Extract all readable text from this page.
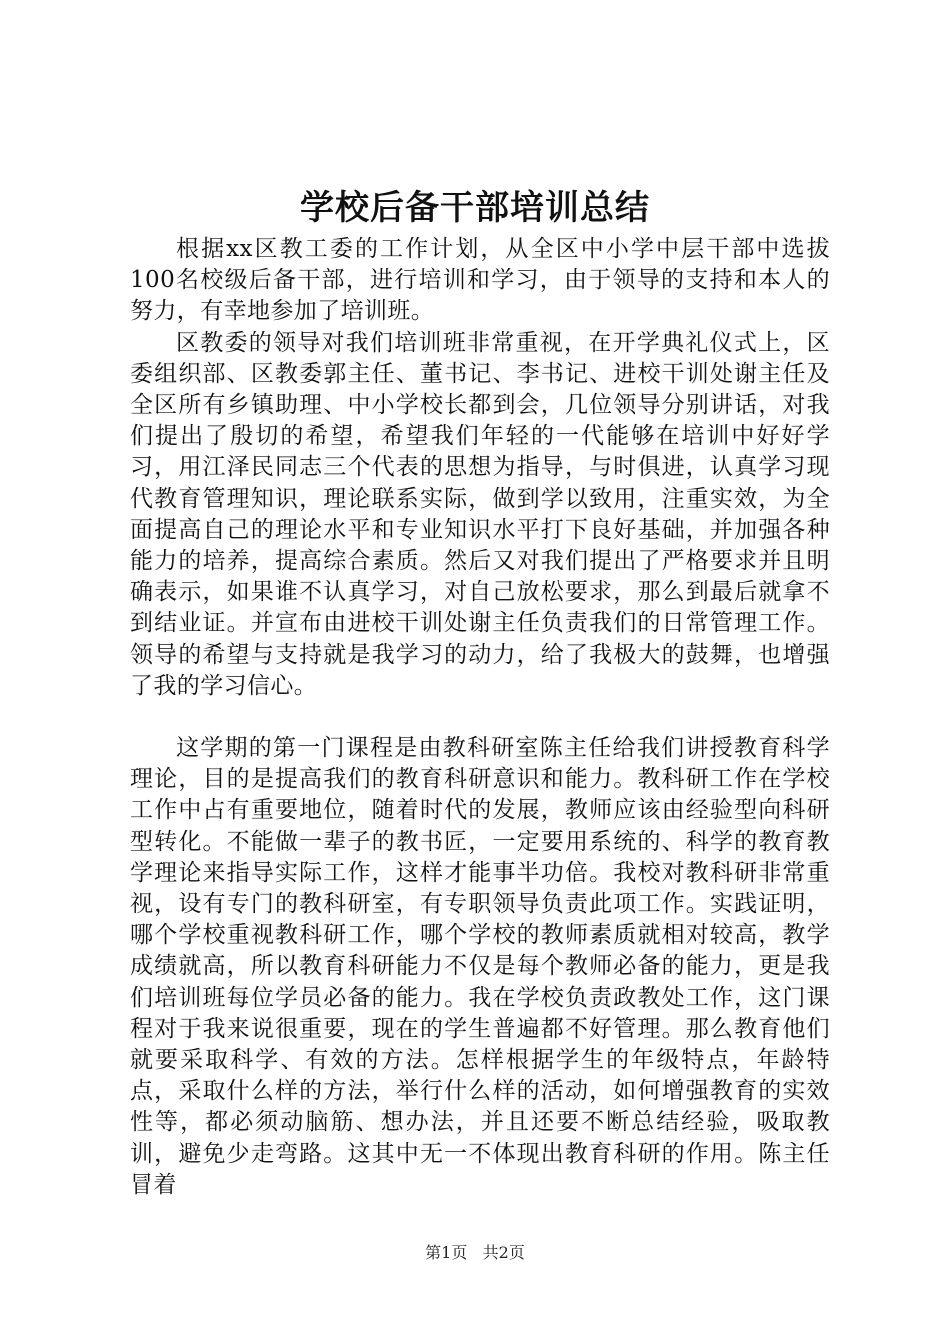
学校后备干部培训总结

根据xx区教工委的工作计划，从全区中小学中层干部中选拔100名校级后备干部，进行培训和学习，由于领导的支持和本人的努力，有幸地参加了培训班。

区教委的领导对我们培训班非常重视，在开学典礼仪式上，区委组织部、区教委郭主任、董书记、李书记、进校干训处谢主任及全区所有乡镇助理、中小学校长都到会，几位领导分别讲话，对我们提出了殷切的希望，希望我们年轻的一代能够在培训中好好学习，用江泽民同志三个代表的思想为指导，与时俱进，认真学习现代教育管理知识，理论联系实际，做到学以致用，注重实效，为全面提高自己的理论水平和专业知识水平打下良好基础，并加强各种能力的培养，提高综合素质。然后又对我们提出了严格要求并且明确表示，如果谁不认真学习，对自己放松要求，那么到最后就拿不到结业证。并宣布由进校干训处谢主任负责我们的日常管理工作。领导的希望与支持就是我学习的动力，给了我极大的鼓舞，也增强了我的学习信心。

这学期的第一门课程是由教科研室陈主任给我们讲授教育科学理论，目的是提高我们的教育科研意识和能力。教科研工作在学校工作中占有重要地位，随着时代的发展，教师应该由经验型向科研型转化。不能做一辈子的教书匠，一定要用系统的、科学的教育教学理论来指导实际工作，这样才能事半功倍。我校对教科研非常重视，设有专门的教科研室，有专职领导负责此项工作。实践证明，哪个学校重视教科研工作，哪个学校的教师素质就相对较高，教学成绩就高，所以教育科研能力不仅是每个教师必备的能力，更是我们培训班每位学员必备的能力。我在学校负责政教处工作，这门课程对于我来说很重要，现在的学生普遍都不好管理。那么教育他们就要采取科学、有效的方法。怎样根据学生的年级特点，年龄特点，采取什么样的方法，举行什么样的活动，如何增强教育的实效性等，都必须动脑筋、想办法，并且还要不断总结经验，吸取教训，避免少走弯路。这其中无一不体现出教育科研的作用。陈主任冒着

第1页 共2页
